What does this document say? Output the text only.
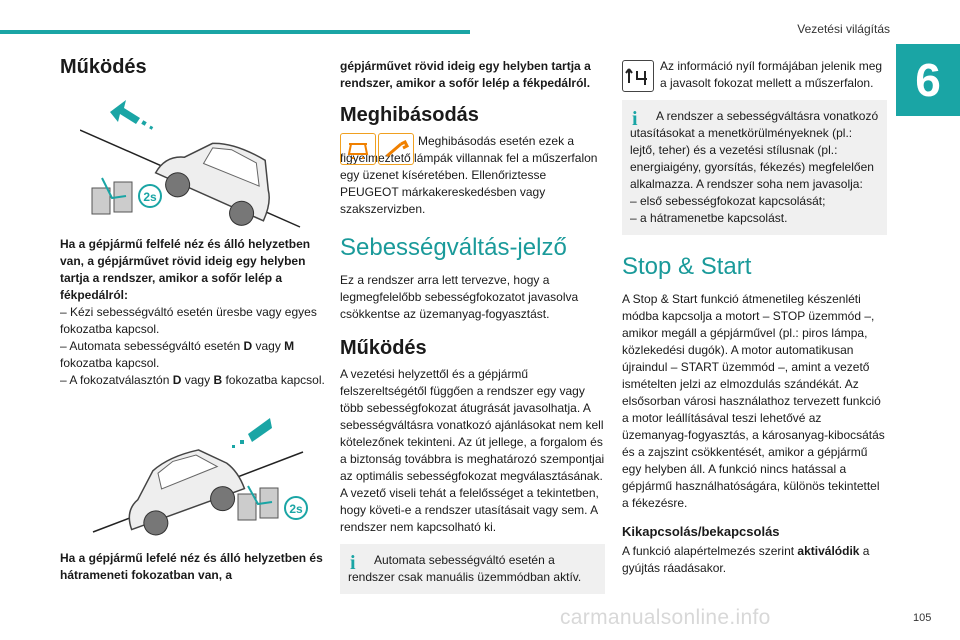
Vezetési világítás
6
Működés
2s

Ha a gépjármű felfelé néz és álló helyzetben van, a gépjárművet rövid ideig egy helyben tartja a rendszer, amikor a sofőr lelép a fékpedálról:

– Kézi sebességváltó esetén üresbe vagy egyes fokozatba kapcsol.

– Automata sebességváltó esetén D vagy M fokozatba kapcsol.

– A fokozatválasztón D vagy B fokozatba kapcsol.

2s

Ha a gépjármű lefelé néz és álló helyzetben és hátrameneti fokozatban van, a

gépjárművet rövid ideig egy helyben tartja a rendszer, amikor a sofőr lelép a fékpedálról.

Meghibásodás

Meghibásodás esetén ezek a figyelmeztető lámpák villannak fel a műszerfalon egy üzenet kíséretében. Ellenőriztesse PEUGEOT márkakereskedésben vagy szakszervizben.

Sebességváltás-jelző

Ez a rendszer arra lett tervezve, hogy a legmegfelelőbb sebességfokozatot javasolva csökkentse az üzemanyag-fogyasztást.

Működés

A vezetési helyzettől és a gépjármű felszereltségétől függően a rendszer egy vagy több sebességfokozat átugrását javasolhatja. A sebességváltásra vonatkozó ajánlásokat nem kell kötelezőnek tekinteni. Az út jellege, a forgalom és a biztonság továbbra is meghatározó szempontjai az optimális sebességfokozat megválasztásának. A vezető viseli tehát a felelősséget a tekintetben, hogy követi-e a rendszer utasításait vagy sem. A rendszer nem kapcsolható ki.

i	Automata sebességváltó esetén a rendszer csak manuális üzemmódban aktív.

Az információ nyíl formájában jelenik meg a javasolt fokozat mellett a műszerfalon.

i	A rendszer a sebességváltásra vonatkozó utasításokat a menetkörülményeknek (pl.: lejtő, teher) és a vezetési stílusnak (pl.: energiaigény, gyorsítás, fékezés) megfelelően alkalmazza. A rendszer soha nem javasolja:

– első sebességfokozat kapcsolását;

– a hátramenetbe kapcsolást.

Stop & Start

A Stop & Start funkció átmenetileg készenléti módba kapcsolja a motort – STOP üzemmód –, amikor megáll a gépjárművel (pl.: piros lámpa, közlekedési dugók). A motor automatikusan újraindul – START üzemmód –, amint a vezető ismételten jelzi az elmozdulás szándékát. Az elsősorban városi használathoz tervezett funkció a motor leállításával teszi lehetővé az üzemanyag-fogyasztás, a károsanyag-kibocsátás és a zajszint csökkentését, amikor a gépjármű egy helyben áll. A funkció nincs hatással a gépjármű használhatóságára, különös tekintettel a fékezésre.

Kikapcsolás/bekapcsolás

A funkció alapértelmezés szerint aktiválódik a gyújtás ráadásakor.

carmanualsonline.info	105
